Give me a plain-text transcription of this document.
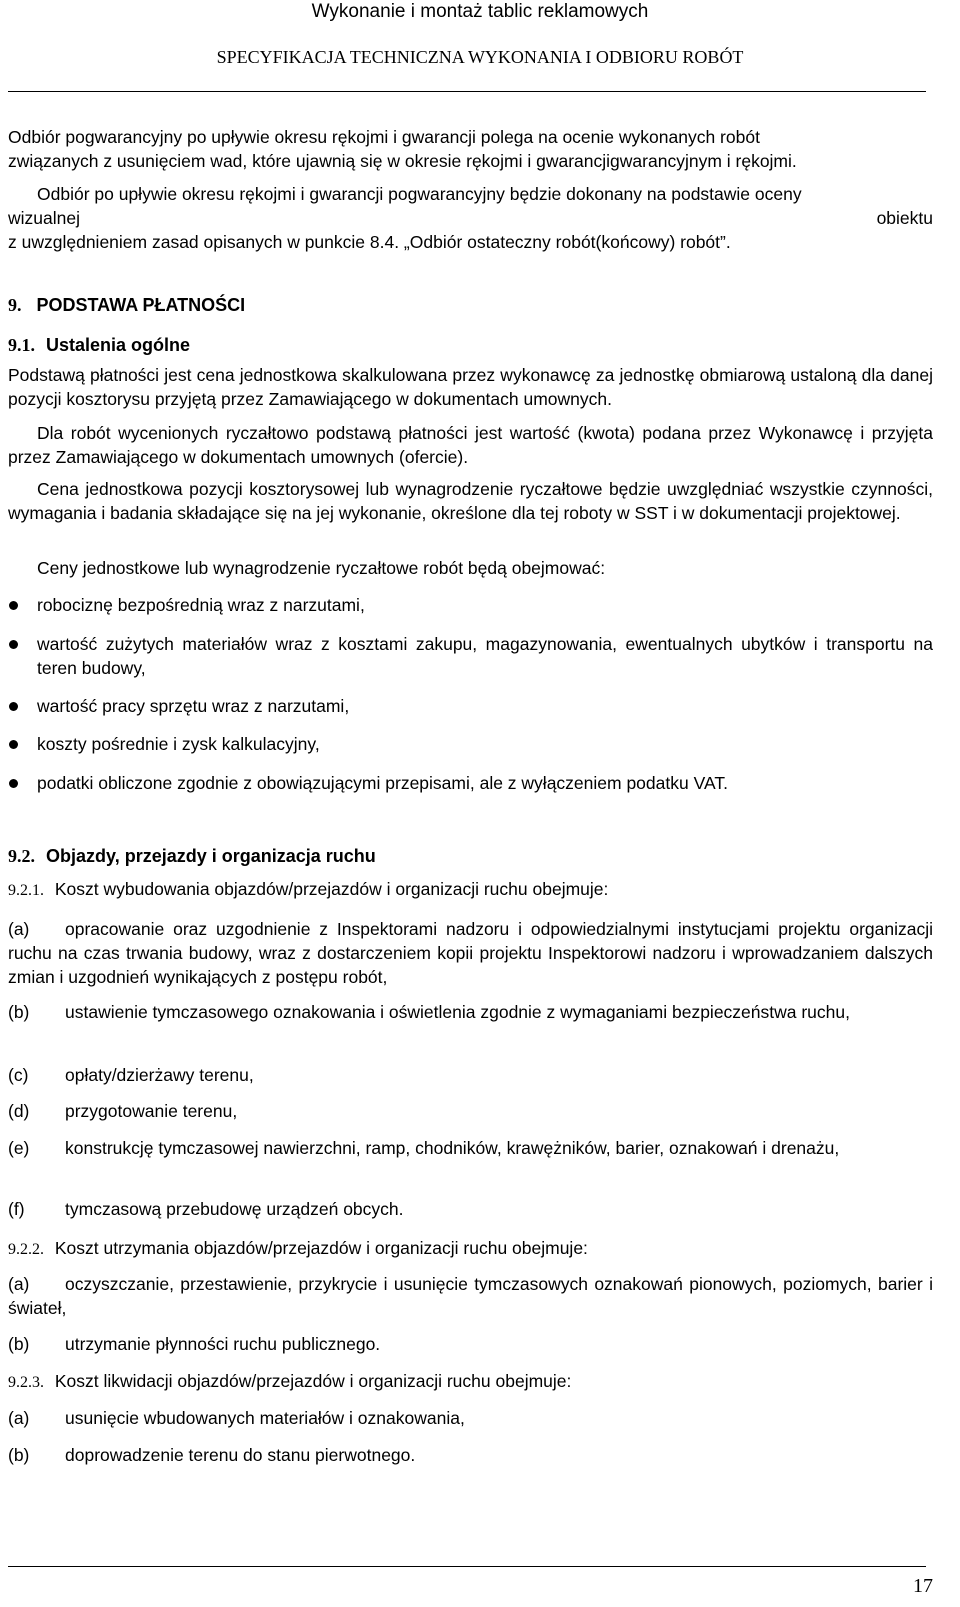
Wykonanie i montaż tablic reklamowych
SPECYFIKACJA TECHNICZNA WYKONANIA I ODBIORU ROBÓT
Odbiór pogwarancyjny po upływie okresu rękojmi i gwarancji polega na ocenie wykonanych robót
związanych z usunięciem wad, które ujawnią się w okresie rękojmi i gwarancjigwarancyjnym i rękojmi.
Odbiór po upływie okresu rękojmi i gwarancji pogwarancyjny będzie dokonany na podstawie oceny
wizualnej	obiektu
z uwzględnieniem zasad opisanych w punkcie 8.4. „Odbiór ostateczny robót(końcowy) robót”.
9. PODSTAWA PŁATNOŚCI
9.1. Ustalenia ogólne
Podstawą płatności jest cena jednostkowa skalkulowana przez wykonawcę za jednostkę obmiarową ustaloną dla danej pozycji kosztorysu przyjętą przez Zamawiającego w dokumentach umownych.
Dla robót wycenionych ryczałtowo podstawą płatności jest wartość (kwota) podana przez Wykonawcę i przyjęta przez Zamawiającego w dokumentach umownych (ofercie).
Cena jednostkowa pozycji kosztorysowej lub wynagrodzenie ryczałtowe będzie uwzględniać wszystkie czynności, wymagania i badania składające się na jej wykonanie, określone dla tej roboty w SST i w dokumentacji projektowej.
Ceny jednostkowe lub wynagrodzenie ryczałtowe robót będą obejmować:
robociznę bezpośrednią wraz z narzutami,
wartość zużytych materiałów wraz z kosztami zakupu, magazynowania, ewentualnych ubytków i transportu na teren budowy,
wartość pracy sprzętu wraz z narzutami,
koszty pośrednie i zysk kalkulacyjny,
podatki obliczone zgodnie z obowiązującymi przepisami, ale z wyłączeniem podatku VAT.
9.2. Objazdy, przejazdy i organizacja ruchu
9.2.1. Koszt wybudowania objazdów/przejazdów i organizacji ruchu obejmuje:
(a) opracowanie oraz uzgodnienie z Inspektorami nadzoru i odpowiedzialnymi instytucjami projektu organizacji ruchu na czas trwania budowy, wraz z dostarczeniem kopii projektu Inspektorowi nadzoru i wprowadzaniem dalszych zmian i uzgodnień wynikających z postępu robót,
(b) ustawienie tymczasowego oznakowania i oświetlenia zgodnie z wymaganiami bezpieczeństwa ruchu,
(c) opłaty/dzierżawy terenu,
(d) przygotowanie terenu,
(e) konstrukcję tymczasowej nawierzchni, ramp, chodników, krawężników, barier, oznakowań i drenażu,
(f) tymczasową przebudowę urządzeń obcych.
9.2.2. Koszt utrzymania objazdów/przejazdów i organizacji ruchu obejmuje:
(a) oczyszczanie, przestawienie, przykrycie i usunięcie tymczasowych oznakowań pionowych, poziomych, barier i świateł,
(b) utrzymanie płynności ruchu publicznego.
9.2.3. Koszt likwidacji objazdów/przejazdów i organizacji ruchu obejmuje:
(a) usunięcie wbudowanych materiałów i oznakowania,
(b) doprowadzenie terenu do stanu pierwotnego.
17
